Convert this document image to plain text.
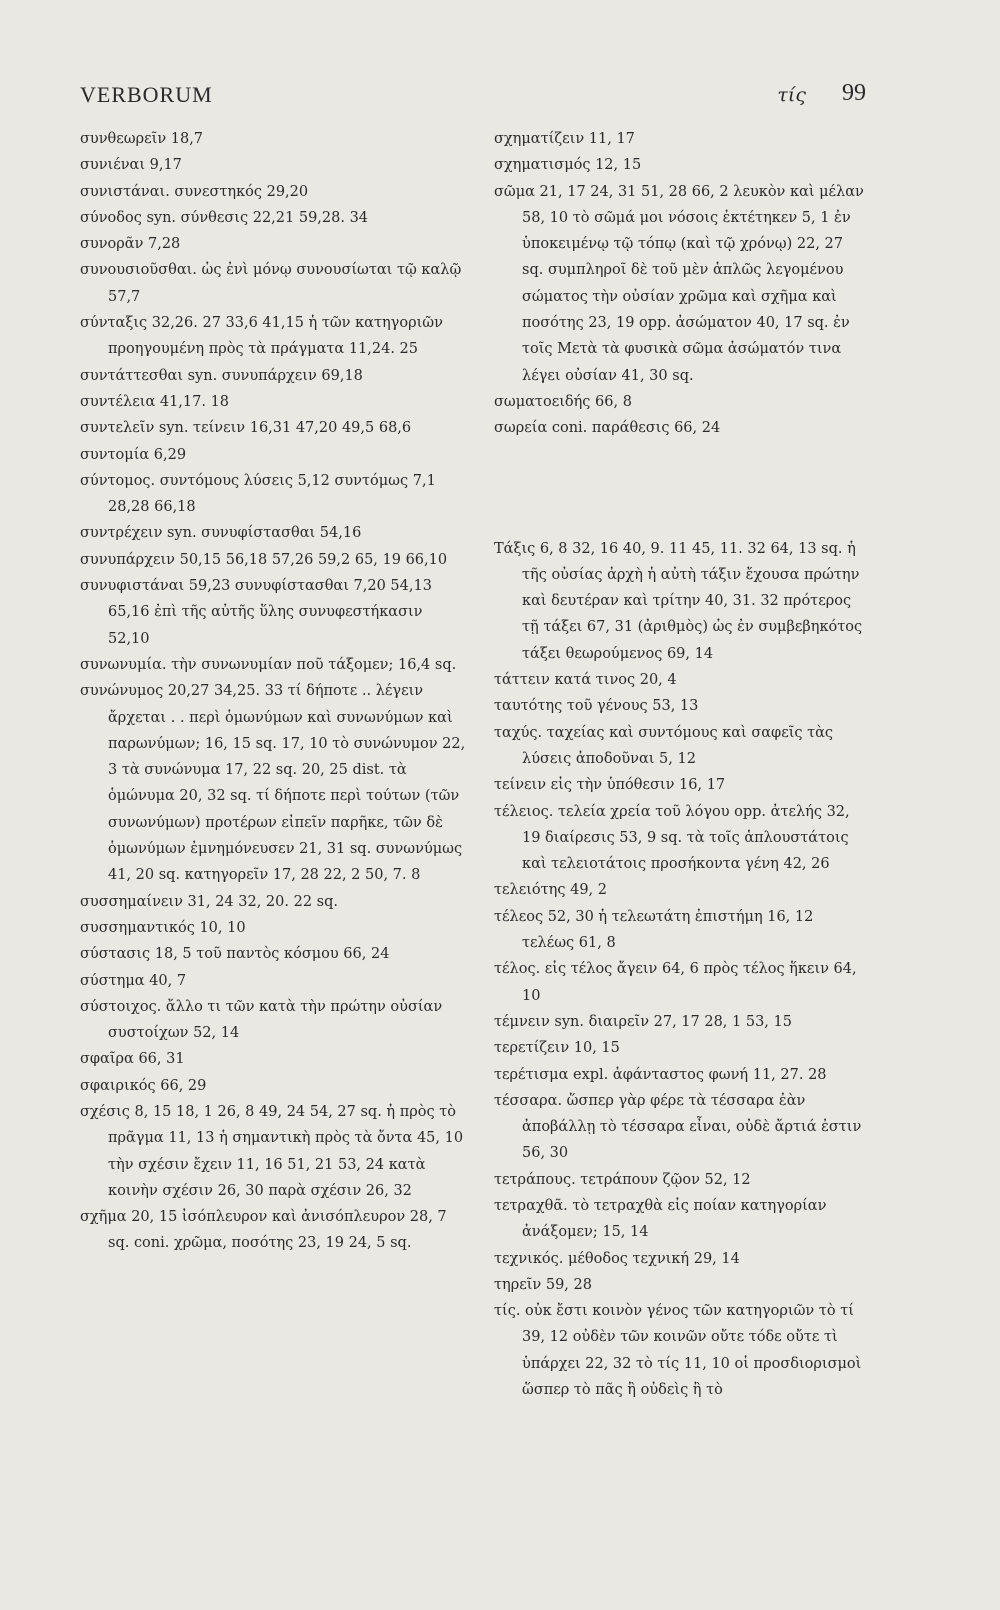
VERBORUM	τίς 99

συνθεωρεῖν 18,7

συνιέναι 9,17

συνιστάναι. συνεστηκός 29,20

σύνοδος syn. σύνθεσις 22,21 59,28. 34

συνορᾶν 7,28

συνουσιοῦσθαι. ὡς ἐνὶ μόνῳ συνουσίωται τῷ καλῷ 57,7

σύνταξις 32,26. 27 33,6 41,15 ἡ τῶν κατηγοριῶν προηγουμένη πρὸς τὰ πράγματα 11,24. 25

συντάττεσθαι syn. συνυπάρχειν 69,18

συντέλεια 41,17. 18

συντελεῖν syn. τείνειν 16,31 47,20 49,5 68,6

συντομία 6,29

σύντομος. συντόμους λύσεις 5,12 συντόμως 7,1 28,28 66,18

συντρέχειν syn. συνυφίστασθαι 54,16

συνυπάρχειν 50,15 56,18 57,26 59,2 65, 19 66,10

συνυφιστάναι 59,23 συνυφίστασθαι 7,20 54,13 65,16 ἐπὶ τῆς αὐτῆς ὕλης συνυφεστήκασιν 52,10

συνωνυμία. τὴν συνωνυμίαν ποῦ τάξομεν; 16,4 sq.

συνώνυμος 20,27 34,25. 33 τί δήποτε .. λέγειν ἄρχεται . . περὶ ὁμωνύμων καὶ συνωνύμων καὶ παρωνύμων; 16, 15 sq. 17, 10 τὸ συνώνυμον 22, 3 τὰ συνώνυμα 17, 22 sq. 20, 25 dist. τὰ ὁμώνυμα 20, 32 sq. τί δήποτε περὶ τούτων (τῶν συνωνύμων) προτέρων εἰπεῖν παρῆκε, τῶν δὲ ὁμωνύμων ἐμνημόνευσεν 21, 31 sq. συνωνύμως 41, 20 sq. κατηγορεῖν 17, 28 22, 2 50, 7. 8

συσσημαίνειν 31, 24 32, 20. 22 sq.

συσσημαντικός 10, 10

σύστασις 18, 5 τοῦ παντὸς κόσμου 66, 24

σύστημα 40, 7

σύστοιχος. ἄλλο τι τῶν κατὰ τὴν πρώτην οὐσίαν συστοίχων 52, 14

σφαῖρα 66, 31

σφαιρικός 66, 29

σχέσις 8, 15 18, 1 26, 8 49, 24 54, 27 sq. ἡ πρὸς τὸ πρᾶγμα 11, 13 ἡ σημαντικὴ πρὸς τὰ ὄντα 45, 10 τὴν σχέσιν ἔχειν 11, 16 51, 21 53, 24 κατὰ κοινὴν σχέσιν 26, 30 παρὰ σχέσιν 26, 32

σχῆμα 20, 15 ἰσόπλευρον καὶ ἀνισόπλευρον 28, 7 sq. coni. χρῶμα, ποσότης 23, 19 24, 5 sq.

σχηματίζειν 11, 17

σχηματισμός 12, 15

σῶμα 21, 17 24, 31 51, 28 66, 2 λευκὸν καὶ μέλαν 58, 10 τὸ σῶμά μοι νόσοις ἐκτέτηκεν 5, 1 ἐν ὑποκειμένῳ τῷ τόπῳ (καὶ τῷ χρόνῳ) 22, 27 sq. συμπληροῖ δὲ τοῦ μὲν ἁπλῶς λεγομένου σώματος τὴν οὐσίαν χρῶμα καὶ σχῆμα καὶ ποσότης 23, 19 opp. ἀσώματον 40, 17 sq. ἐν τοῖς Μετὰ τὰ φυσικὰ σῶμα ἀσώματόν τινα λέγει οὐσίαν 41, 30 sq.

σωματοειδής 66, 8

σωρεία coni. παράθεσις 66, 24

Τάξις 6, 8 32, 16 40, 9. 11 45, 11. 32 64, 13 sq. ἡ τῆς οὐσίας ἀρχὴ ἡ αὐτὴ τάξιν ἔχουσα πρώτην καὶ δευτέραν καὶ τρίτην 40, 31. 32 πρότερος τῇ τάξει 67, 31 (ἀριθμὸς) ὡς ἐν συμβεβηκότος τάξει θεωρούμενος 69, 14

τάττειν κατά τινος 20, 4

ταυτότης τοῦ γένους 53, 13

ταχύς. ταχείας καὶ συντόμους καὶ σαφεῖς τὰς λύσεις ἀποδοῦναι 5, 12

τείνειν εἰς τὴν ὑπόθεσιν 16, 17

τέλειος. τελεία χρεία τοῦ λόγου opp. ἀτελής 32, 19 διαίρεσις 53, 9 sq. τὰ τοῖς ἁπλουστάτοις καὶ τελειοτάτοις προσήκοντα γένη 42, 26

τελειότης 49, 2

τέλεος 52, 30 ἡ τελεωτάτη ἐπιστήμη 16, 12 τελέως 61, 8

τέλος. εἰς τέλος ἄγειν 64, 6 πρὸς τέλος ἥκειν 64, 10

τέμνειν syn. διαιρεῖν 27, 17 28, 1 53, 15

τερετίζειν 10, 15

τερέτισμα expl. ἀφάνταστος φωνή 11, 27. 28

τέσσαρα. ὥσπερ γὰρ φέρε τὰ τέσσαρα ἐὰν ἀποβάλλῃ τὸ τέσσαρα εἶναι, οὐδὲ ἄρτιά ἐστιν 56, 30

τετράπους. τετράπουν ζῷον 52, 12

τετραχθᾶ. τὸ τετραχθὰ εἰς ποίαν κατηγορίαν ἀνάξομεν; 15, 14

τεχνικός. μέθοδος τεχνική 29, 14

τηρεῖν 59, 28

τίς. οὐκ ἔστι κοινὸν γένος τῶν κατηγοριῶν τὸ τί 39, 12 οὐδὲν τῶν κοινῶν οὔτε τόδε οὔτε τὶ ὑπάρχει 22, 32 τὸ τίς 11, 10 οἱ προσδιορισμοὶ ὥσπερ τὸ πᾶς ἢ οὐδεὶς ἢ τὸ
